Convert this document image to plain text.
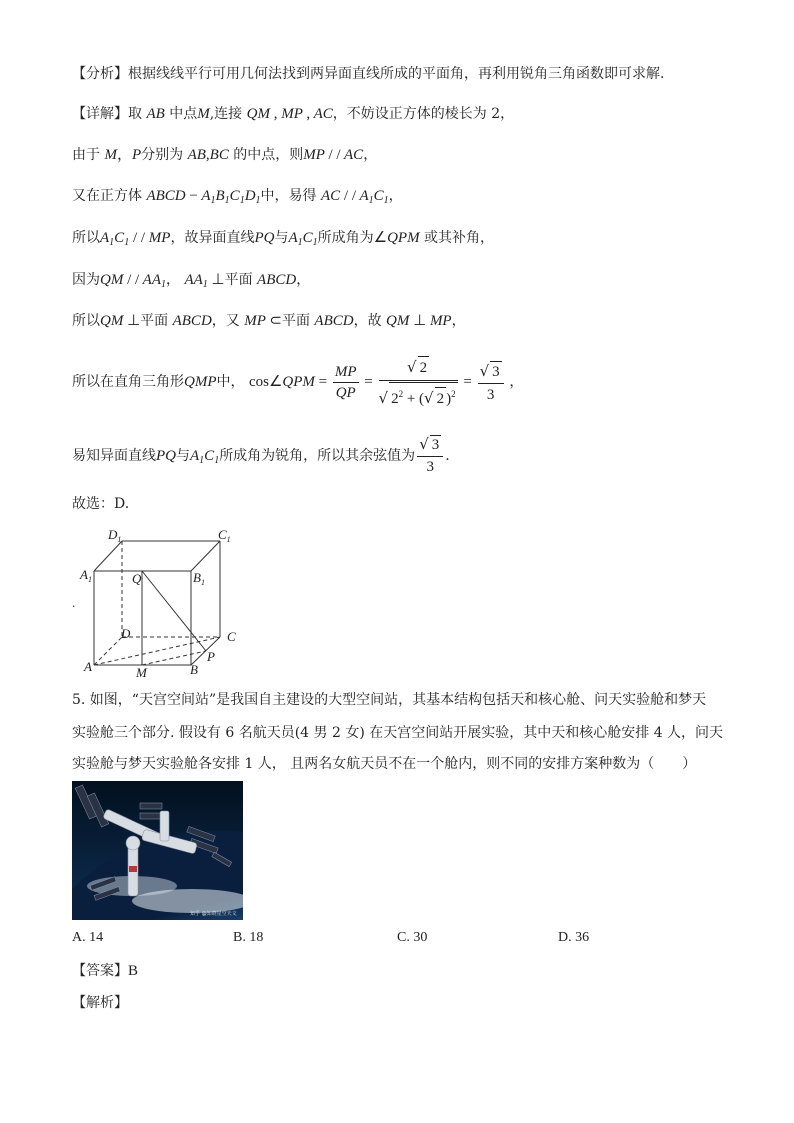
【分析】根据线线平行可用几何法找到两异面直线所成的平面角，再利用锐角三角函数即可求解.
【详解】取 AB 中点M,连接 QM , MP , AC，不妨设正方体的棱长为 2，
由于 M，P分别为 AB,BC 的中点，则MP / / AC，
又在正方体 ABCD − $A_1B_1C_1D_1$中，易得 AC / / $A_1C_1$，
所以$A_1C_1$ / / MP，故异面直线PQ与$A_1C_1$所成角为∠QPM 或其补角，
因为QM / / $AA_1$， $AA_1$ ⊥平面 ABCD，
所以QM ⊥平面 ABCD，又 MP ⊂平面 ABCD，故 QM ⊥ MP，
所以在直角三角形QMP中， cos∠QPM = $\frac{MP}{QP} = \frac{√ 2}{√ 2^2 + (√ 2 )^2} = \frac{√ 3}{3}$ ，
易知异面直线PQ与$A_1C_1$所成角为锐角，所以其余弦值为 $\frac{√ 3}{3}$ .
故选：D.
$D_1$	$C_1$
$A_1$	$B_1$
Q
D	C
A	B
M
P
.
5. 如图，“天宫空间站”是我国自主建设的大型空间站，其基本结构包括天和核心舱、问天实验舱和梦天
实验舱三个部分. 假设有 6 名航天员(4 男 2 女) 在天宫空间站开展实验，其中天和核心舱安排 4 人，问天
实验舱与梦天实验舱各安排 1 人， 且两名女航天员不在一个舱内，则不同的安排方案种数为（　　）
知乎 @知晓星空天文
A. 14	B. 18	C. 30	D. 36
【答案】B
【解析】
